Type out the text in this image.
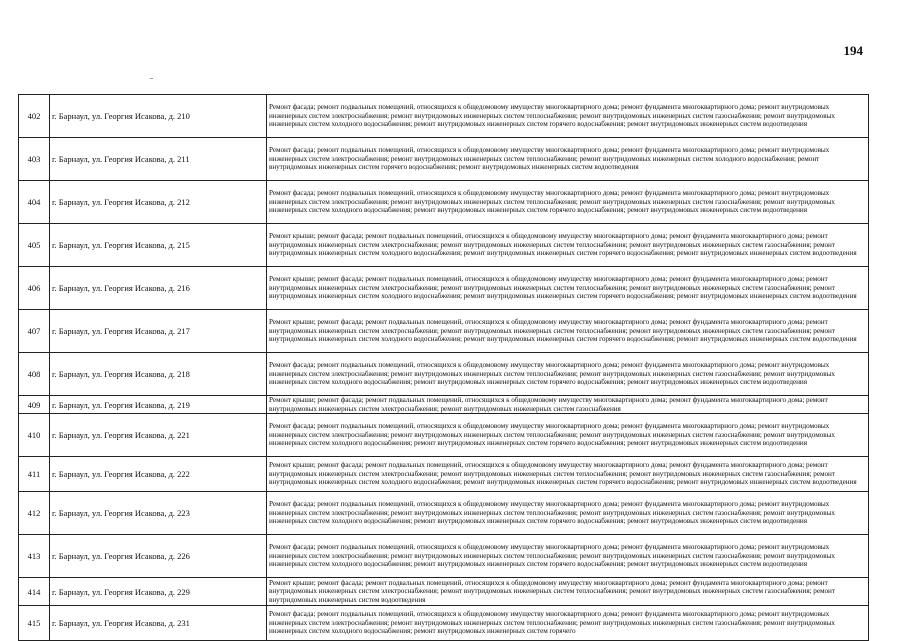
194
402	г. Барнаул, ул. Георгия Исакова, д. 210	Ремонт фасада; ремонт подвальных помещений, относящихся к общедомовому имуществу многоквартирного дома; ремонт фундамента многоквартирного дома; ремонт внутридомовых инженерных систем электроснабжения; ремонт внутридомовых инженерных систем теплоснабжения; ремонт внутридомовых инженерных систем газоснабжения; ремонт внутридомовых инженерных систем холодного водоснабжения; ремонт внутридомовых инженерных систем горячего водоснабжения; ремонт внутридомовых инженерных систем водоотведения
403	г. Барнаул, ул. Георгия Исакова, д. 211	Ремонт фасада; ремонт подвальных помещений, относящихся к общедомовому имуществу многоквартирного дома; ремонт фундамента многоквартирного дома; ремонт внутридомовых инженерных систем электроснабжения; ремонт внутридомовых инженерных систем теплоснабжения; ремонт внутридомовых инженерных систем холодного водоснабжения; ремонт внутридомовых инженерных систем горячего водоснабжения; ремонт внутридомовых инженерных систем водоотведения
404	г. Барнаул, ул. Георгия Исакова, д. 212	Ремонт фасада; ремонт подвальных помещений, относящихся к общедомовому имуществу многоквартирного дома; ремонт фундамента многоквартирного дома; ремонт внутридомовых инженерных систем электроснабжения; ремонт внутридомовых инженерных систем теплоснабжения; ремонт внутридомовых инженерных систем газоснабжения; ремонт внутридомовых инженерных систем холодного водоснабжения; ремонт внутридомовых инженерных систем горячего водоснабжения; ремонт внутридомовых инженерных систем водоотведения
405	г. Барнаул, ул. Георгия Исакова, д. 215	Ремонт крыши; ремонт фасада; ремонт подвальных помещений, относящихся к общедомовому имуществу многоквартирного дома; ремонт фундамента многоквартирного дома; ремонт внутридомовых инженерных систем электроснабжения; ремонт внутридомовых инженерных систем теплоснабжения; ремонт внутридомовых инженерных систем газоснабжения; ремонт внутридомовых инженерных систем холодного водоснабжения; ремонт внутридомовых инженерных систем горячего водоснабжения; ремонт внутридомовых инженерных систем водоотведения
406	г. Барнаул, ул. Георгия Исакова, д. 216	Ремонт крыши; ремонт фасада; ремонт подвальных помещений, относящихся к общедомовому имуществу многоквартирного дома; ремонт фундамента многоквартирного дома; ремонт внутридомовых инженерных систем электроснабжения; ремонт внутридомовых инженерных систем теплоснабжения; ремонт внутридомовых инженерных систем газоснабжения; ремонт внутридомовых инженерных систем холодного водоснабжения; ремонт внутридомовых инженерных систем горячего водоснабжения; ремонт внутридомовых инженерных систем водоотведения
407	г. Барнаул, ул. Георгия Исакова, д. 217	Ремонт крыши; ремонт фасада; ремонт подвальных помещений, относящихся к общедомовому имуществу многоквартирного дома; ремонт фундамента многоквартирного дома; ремонт внутридомовых инженерных систем электроснабжения; ремонт внутридомовых инженерных систем теплоснабжения; ремонт внутридомовых инженерных систем газоснабжения; ремонт внутридомовых инженерных систем холодного водоснабжения; ремонт внутридомовых инженерных систем горячего водоснабжения; ремонт внутридомовых инженерных систем водоотведения
408	г. Барнаул, ул. Георгия Исакова, д. 218	Ремонт фасада; ремонт подвальных помещений, относящихся к общедомовому имуществу многоквартирного дома; ремонт фундамента многоквартирного дома; ремонт внутридомовых инженерных систем электроснабжения; ремонт внутридомовых инженерных систем теплоснабжения; ремонт внутридомовых инженерных систем газоснабжения; ремонт внутридомовых инженерных систем холодного водоснабжения; ремонт внутридомовых инженерных систем горячего водоснабжения; ремонт внутридомовых инженерных систем водоотведения
409	г. Барнаул, ул. Георгия Исакова, д. 219	Ремонт крыши; ремонт фасада; ремонт подвальных помещений, относящихся к общедомовому имуществу многоквартирного дома; ремонт фундамента многоквартирного дома; ремонт внутридомовых инженерных систем электроснабжения; ремонт внутридомовых инженерных систем газоснабжения
410	г. Барнаул, ул. Георгия Исакова, д. 221	Ремонт фасада; ремонт подвальных помещений, относящихся к общедомовому имуществу многоквартирного дома; ремонт фундамента многоквартирного дома; ремонт внутридомовых инженерных систем электроснабжения; ремонт внутридомовых инженерных систем теплоснабжения; ремонт внутридомовых инженерных систем газоснабжения; ремонт внутридомовых инженерных систем холодного водоснабжения; ремонт внутридомовых инженерных систем горячего водоснабжения; ремонт внутридомовых инженерных систем водоотведения
411	г. Барнаул, ул. Георгия Исакова, д. 222	Ремонт крыши; ремонт фасада; ремонт подвальных помещений, относящихся к общедомовому имуществу многоквартирного дома; ремонт фундамента многоквартирного дома; ремонт внутридомовых инженерных систем электроснабжения; ремонт внутридомовых инженерных систем теплоснабжения; ремонт внутридомовых инженерных систем газоснабжения; ремонт внутридомовых инженерных систем холодного водоснабжения; ремонт внутридомовых инженерных систем горячего водоснабжения; ремонт внутридомовых инженерных систем водоотведения
412	г. Барнаул, ул. Георгия Исакова, д. 223	Ремонт фасада; ремонт подвальных помещений, относящихся к общедомовому имуществу многоквартирного дома; ремонт фундамента многоквартирного дома; ремонт внутридомовых инженерных систем электроснабжения; ремонт внутридомовых инженерных систем теплоснабжения; ремонт внутридомовых инженерных систем газоснабжения; ремонт внутридомовых инженерных систем холодного водоснабжения; ремонт внутридомовых инженерных систем горячего водоснабжения; ремонт внутридомовых инженерных систем водоотведения
413	г. Барнаул, ул. Георгия Исакова, д. 226	Ремонт фасада; ремонт подвальных помещений, относящихся к общедомовому имуществу многоквартирного дома; ремонт фундамента многоквартирного дома; ремонт внутридомовых инженерных систем электроснабжения; ремонт внутридомовых инженерных систем теплоснабжения; ремонт внутридомовых инженерных систем газоснабжения; ремонт внутридомовых инженерных систем холодного водоснабжения; ремонт внутридомовых инженерных систем горячего водоснабжения; ремонт внутридомовых инженерных систем водоотведения
414	г. Барнаул, ул. Георгия Исакова, д. 229	Ремонт крыши; ремонт фасада; ремонт подвальных помещений, относящихся к общедомовому имуществу многоквартирного дома; ремонт фундамента многоквартирного дома; ремонт внутридомовых инженерных систем электроснабжения; ремонт внутридомовых инженерных систем теплоснабжения; ремонт внутридомовых инженерных систем газоснабжения; ремонт внутридомовых инженерных систем водоотведения
415	г. Барнаул, ул. Георгия Исакова, д. 231	Ремонт фасада; ремонт подвальных помещений, относящихся к общедомовому имуществу многоквартирного дома; ремонт фундамента многоквартирного дома; ремонт внутридомовых инженерных систем электроснабжения; ремонт внутридомовых инженерных систем теплоснабжения; ремонт внутридомовых инженерных систем газоснабжения; ремонт внутридомовых инженерных систем холодного водоснабжения; ремонт внутридомовых инженерных систем горячего
